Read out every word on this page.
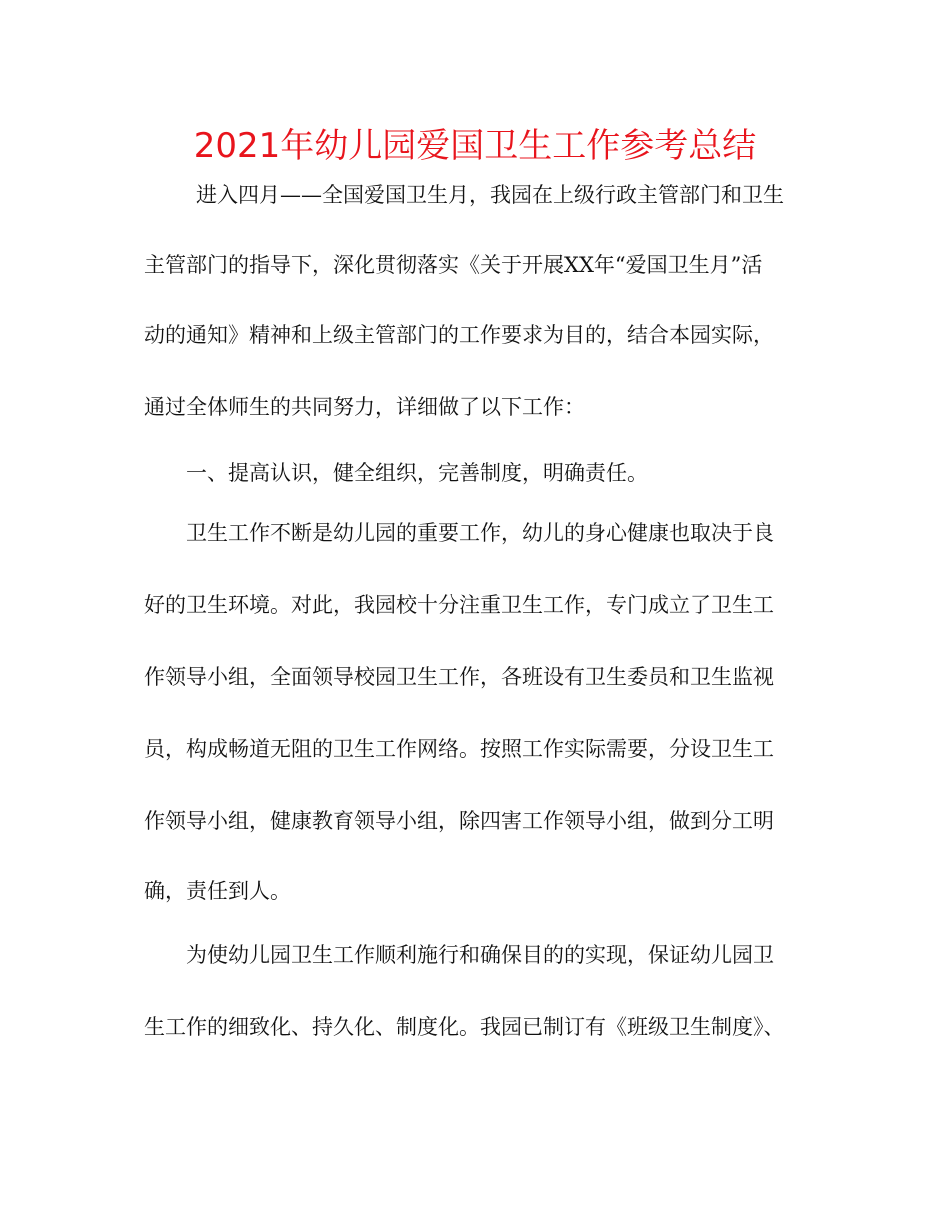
2021年幼儿园爱国卫生工作参考总结
进入四月——全国爱国卫生月，我园在上级行政主管部门和卫生
主管部门的指导下，深化贯彻落实《关于开展XX年“爱国卫生月”活
动的通知》精神和上级主管部门的工作要求为目的，结合本园实际，
通过全体师生的共同努力，详细做了以下工作：
一、提高认识，健全组织，完善制度，明确责任。
卫生工作不断是幼儿园的重要工作，幼儿的身心健康也取决于良
好的卫生环境。对此，我园校十分注重卫生工作，专门成立了卫生工
作领导小组，全面领导校园卫生工作，各班设有卫生委员和卫生监视
员，构成畅道无阻的卫生工作网络。按照工作实际需要，分设卫生工
作领导小组，健康教育领导小组，除四害工作领导小组，做到分工明
确，责任到人。
为使幼儿园卫生工作顺利施行和确保目的的实现，保证幼儿园卫
生工作的细致化、持久化、制度化。我园已制订有《班级卫生制度》、
